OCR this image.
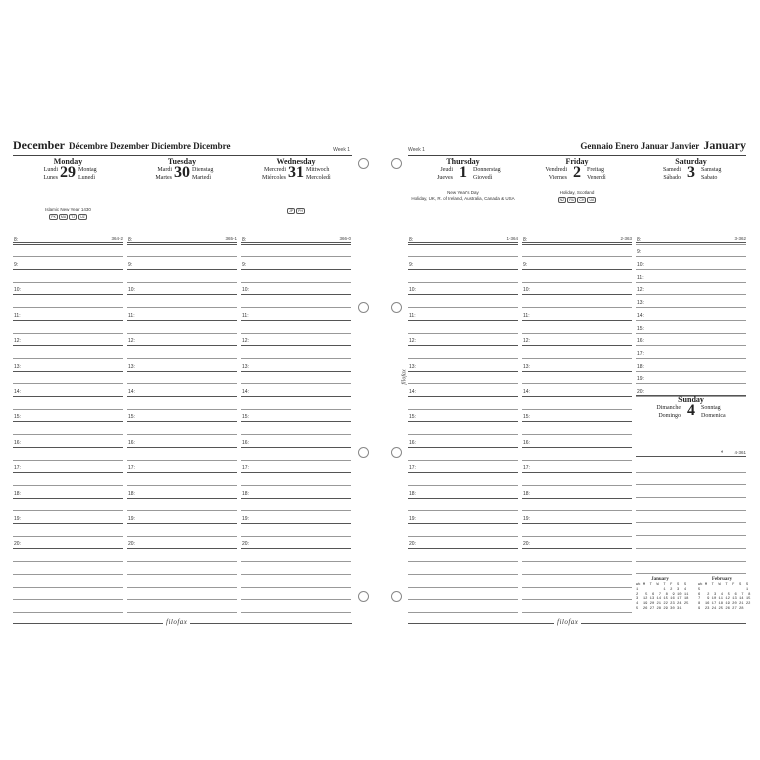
December Décembre Dezember Diciembre Dicembre	Week 1
Monday
29
Lundi
Lunes
Montag
Lunedì
Islamic New Year 1430
PK	MA	TJ	UZ
364-2
Tuesday
30
Mardi
Martes
Dienstag
Martedì
365-1
Wednesday
31
Mercredi
Miércoles
Mittwoch
Mercoledì
JP	PH
366-0
8:
9:
10:
11:
12:
13:
14:
15:
16:
17:
18:
19:
20:
8:
9:
10:
11:
12:
13:
14:
15:
16:
17:
18:
19:
20:
8:
9:
10:
11:
12:
13:
14:
15:
16:
17:
18:
19:
20:
filofax
Week 1	Gennaio Enero Januar Janvier January
Thursday
1
Jeudi
Jueves
Donnerstag
Giovedì
New Year's Day
Holiday, UK, R. of Ireland, Australia, Canada & USA
1-364
Friday
2
Vendredi
Viernes
Freitag
Venerdì
Holiday, Scotland
NZ	RU	CH	UA
2-363
Saturday
3
Samedi
Sábado
Samstag
Sabato
3-362
8:
9:
10:
11:
12:
13:
14:
15:
16:
17:
18:
19:
20:
8:
9:
10:
11:
12:
13:
14:
15:
16:
17:
18:
19:
20:
8:
9:
10:
11:
12:
13:
14:
15:
16:
17:
18:
19:
20:
Sunday
4
Dimanche
Domingo
Sonntag
Domenica
◐ 4-361
filofax
January
wk M  T  W  T  F  S  S
1           1  2  3  4
2   5  6  7  8  9 10 11
3  12 13 14 15 16 17 18
4  19 20 21 22 23 24 25
5  26 27 28 29 30 31
February
wk M  T  W  T  F  S  S
5                    1
6   2  3  4  5  6  7  8
7   9 10 11 12 13 14 15
8  16 17 18 19 20 21 22
9  23 24 25 26 27 28
filofax
